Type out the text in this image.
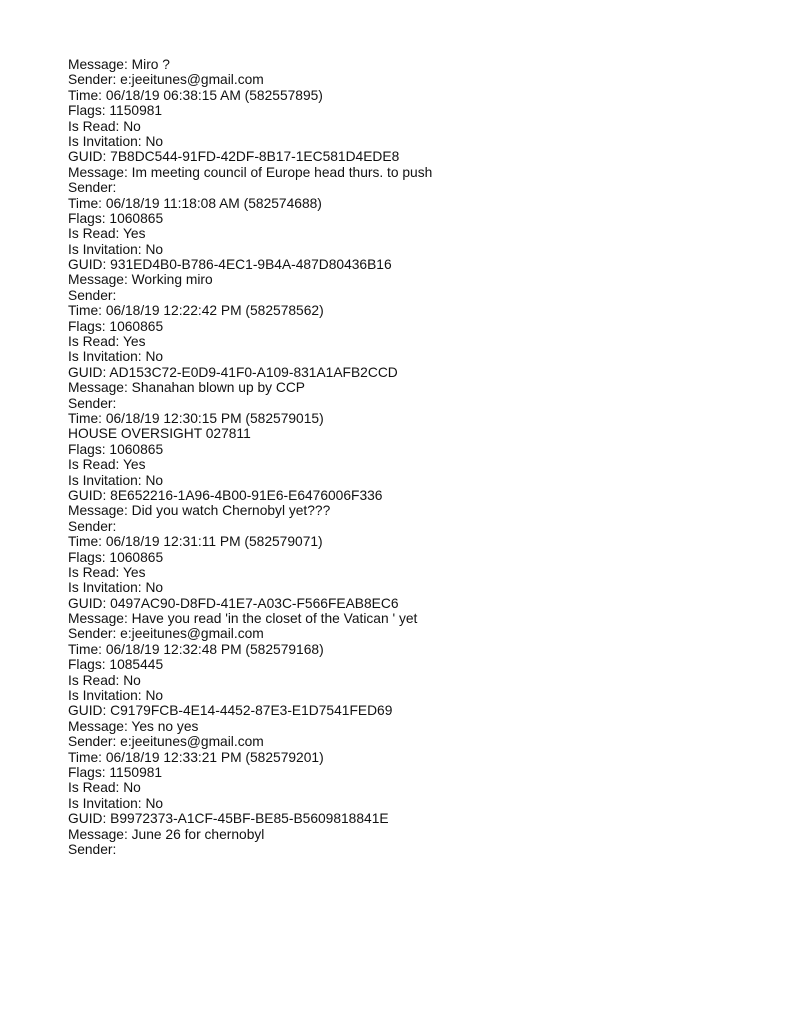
Message: Miro ?
Sender: e:jeeitunes@gmail.com
Time: 06/18/19 06:38:15 AM (582557895)
Flags: 1150981
Is Read: No
Is Invitation: No
GUID: 7B8DC544-91FD-42DF-8B17-1EC581D4EDE8
Message: Im meeting council of Europe head thurs. to push
Sender:
Time: 06/18/19 11:18:08 AM (582574688)
Flags: 1060865
Is Read: Yes
Is Invitation: No
GUID: 931ED4B0-B786-4EC1-9B4A-487D80436B16
Message: Working miro
Sender:
Time: 06/18/19 12:22:42 PM (582578562)
Flags: 1060865
Is Read: Yes
Is Invitation: No
GUID: AD153C72-E0D9-41F0-A109-831A1AFB2CCD
Message: Shanahan blown up by CCP
Sender:
Time: 06/18/19 12:30:15 PM (582579015)
HOUSE OVERSIGHT 027811
Flags: 1060865
Is Read: Yes
Is Invitation: No
GUID: 8E652216-1A96-4B00-91E6-E6476006F336
Message: Did you watch Chernobyl yet???
Sender:
Time: 06/18/19 12:31:11 PM (582579071)
Flags: 1060865
Is Read: Yes
Is Invitation: No
GUID: 0497AC90-D8FD-41E7-A03C-F566FEAB8EC6
Message: Have you read 'in the closet of the Vatican ' yet
Sender: e:jeeitunes@gmail.com
Time: 06/18/19 12:32:48 PM (582579168)
Flags: 1085445
Is Read: No
Is Invitation: No
GUID: C9179FCB-4E14-4452-87E3-E1D7541FED69
Message: Yes no yes
Sender: e:jeeitunes@gmail.com
Time: 06/18/19 12:33:21 PM (582579201)
Flags: 1150981
Is Read: No
Is Invitation: No
GUID: B9972373-A1CF-45BF-BE85-B5609818841E
Message: June 26 for chernobyl
Sender:
